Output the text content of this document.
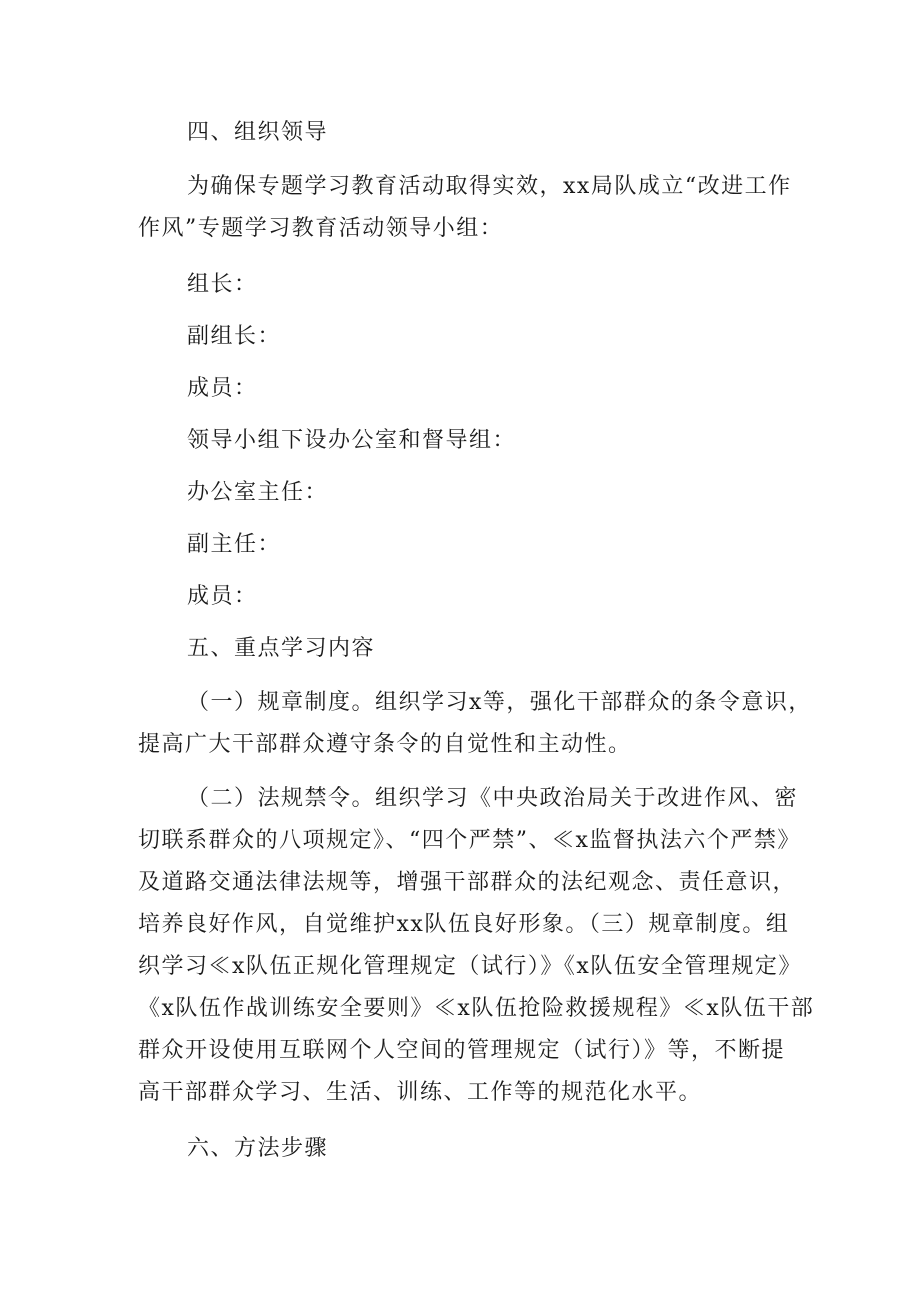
四、组织领导

为确保专题学习教育活动取得实效，xx局队成立“改进工作

作风”专题学习教育活动领导小组：

组长：

副组长：

成员：

领导小组下设办公室和督导组：

办公室主任：

副主任：

成员：

五、重点学习内容

（一）规章制度。组织学习x等，强化干部群众的条令意识，

提高广大干部群众遵守条令的自觉性和主动性。

（二）法规禁令。组织学习《中央政治局关于改进作风、密

切联系群众的八项规定》、“四个严禁”、≪x监督执法六个严禁》

及道路交通法律法规等，增强干部群众的法纪观念、责任意识，

培养良好作风，自觉维护xx队伍良好形象。（三）规章制度。组

织学习≪x队伍正规化管理规定（试行）》《x队伍安全管理规定》

《x队伍作战训练安全要则》≪x队伍抢险救援规程》≪x队伍干部

群众开设使用互联网个人空间的管理规定（试行）》等，不断提

高干部群众学习、生活、训练、工作等的规范化水平。

六、方法步骤
